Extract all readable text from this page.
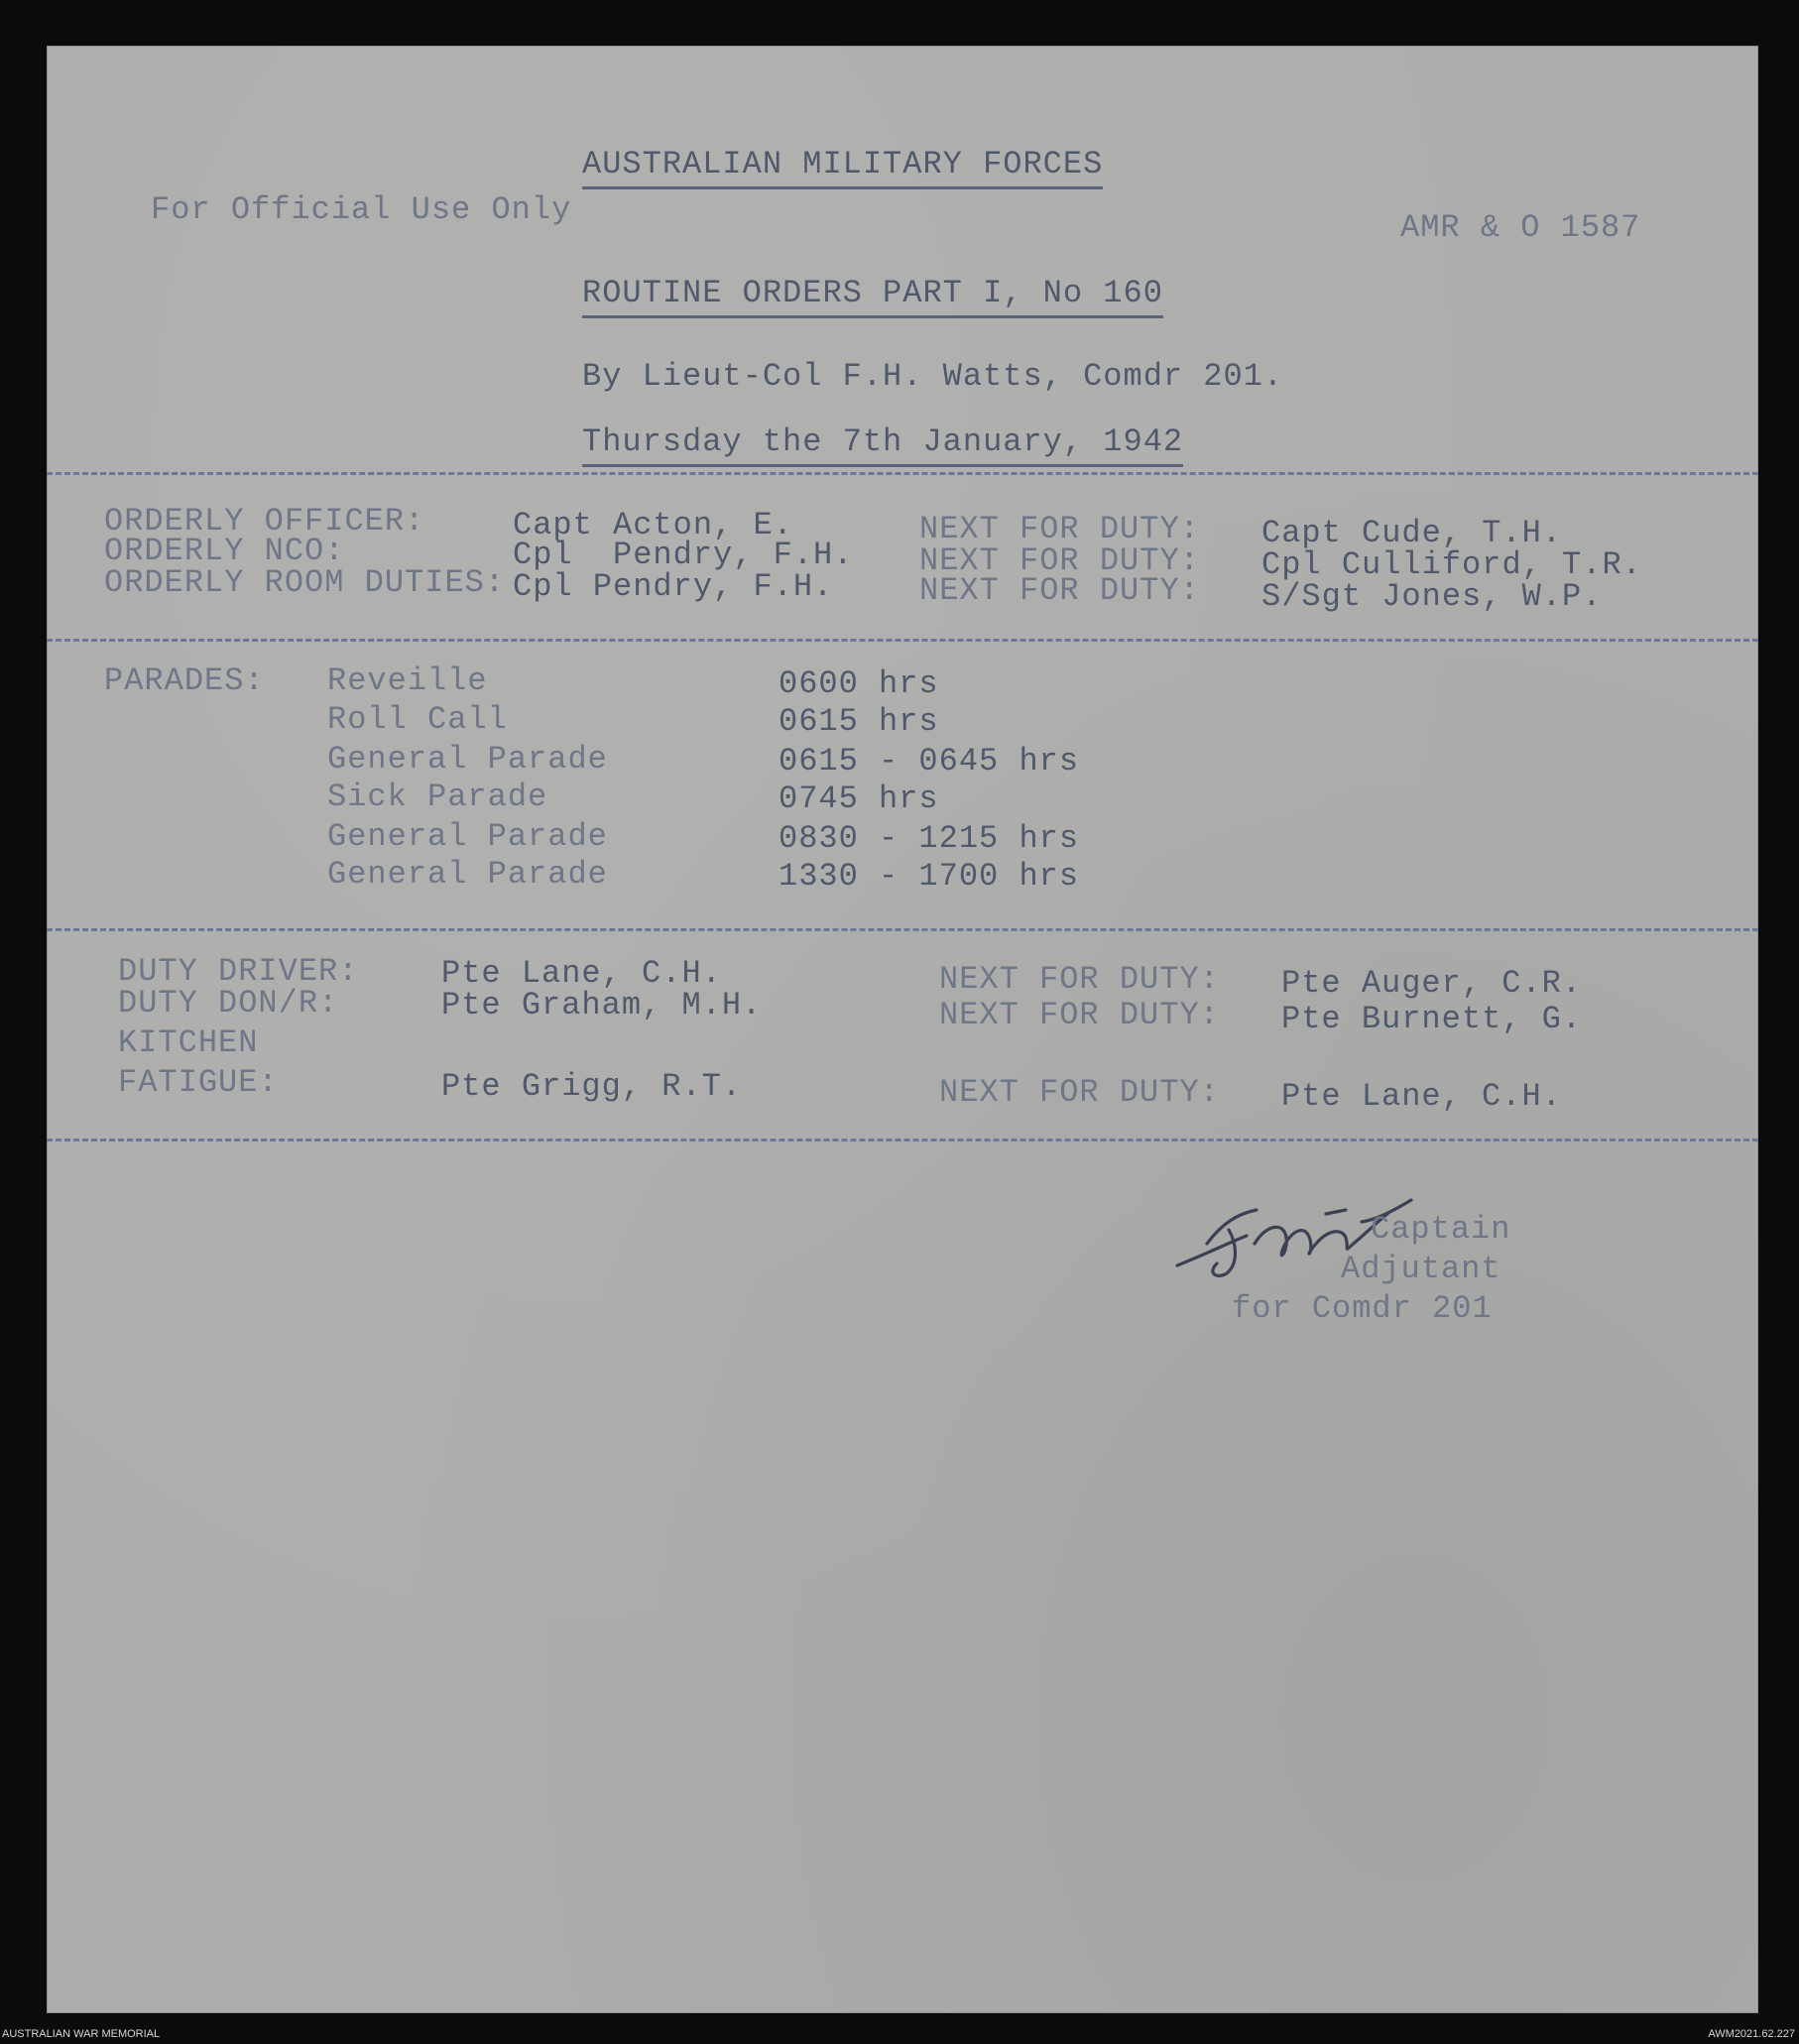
AUSTRALIAN MILITARY FORCES
For Official Use Only	AMR & O 1587
ROUTINE ORDERS PART I, No 160
By Lieut-Col F.H. Watts, Comdr 201.
Thursday the 7th January, 1942
ORDERLY OFFICER:	Capt Acton, E.	NEXT FOR DUTY: Capt Cude, T.H.
ORDERLY NCO:	Cpl  Pendry, F.H. NEXT FOR DUTY: Cpl Culliford, T.R.
ORDERLY ROOM DUTIES: Cpl Pendry, F.H.	NEXT FOR DUTY: S/Sgt Jones, W.P.
PARADES: Reveille	0600 hrs
Roll Call	0615 hrs
General Parade	0615 - 0645 hrs
Sick Parade	0745 hrs
General Parade	0830 - 1215 hrs
General Parade	1330 - 1700 hrs
DUTY DRIVER:	Pte Lane, C.H.	NEXT FOR DUTY: Pte Auger, C.R.
DUTY DON/R:	Pte Graham, M.H.	NEXT FOR DUTY: Pte Burnett, G.
KITCHEN
FATIGUE:	Pte Grigg, R.T.	NEXT FOR DUTY: Pte Lane, C.H.
Captain
Adjutant
for Comdr 201
AUSTRALIAN WAR MEMORIAL	AWM2021.62.227
